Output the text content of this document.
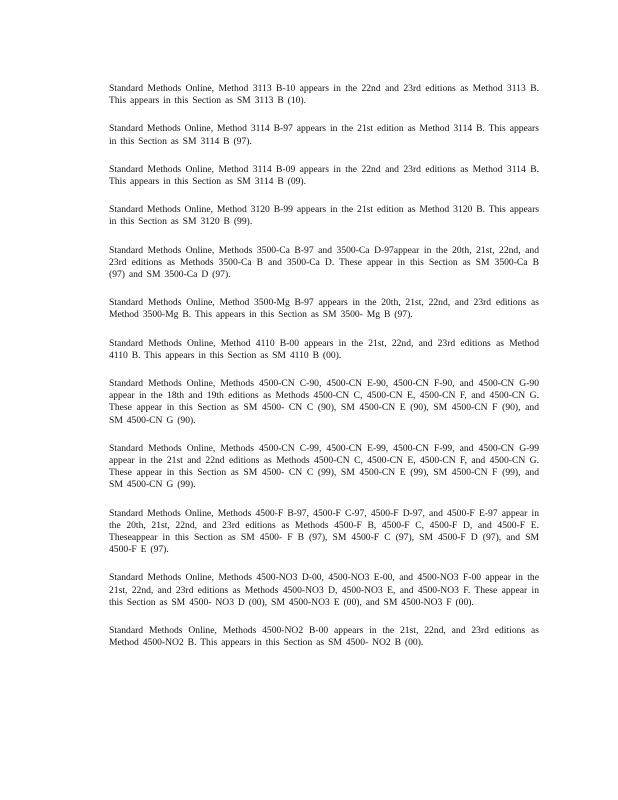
Standard Methods Online, Method 3113 B-10 appears in the 22nd and 23rd editions as Method 3113 B. This appears in this Section as SM 3113 B (10).

Standard Methods Online, Method 3114 B-97 appears in the 21st edition as Method 3114 B. This appears in this Section as SM 3114 B (97).

Standard Methods Online, Method 3114 B-09 appears in the 22nd and 23rd editions as Method 3114 B. This appears in this Section as SM 3114 B (09).

Standard Methods Online, Method 3120 B-99 appears in the 21st edition as Method 3120 B. This appears in this Section as SM 3120 B (99).

Standard Methods Online, Methods 3500-Ca B-97 and 3500-Ca D-97appear in the 20th, 21st, 22nd, and 23rd editions as Methods 3500-Ca B and 3500-Ca D. These appear in this Section as SM 3500-Ca B (97) and SM 3500-Ca D (97).

Standard Methods Online, Method 3500-Mg B-97 appears in the 20th, 21st, 22nd, and 23rd editions as Method 3500-Mg B. This appears in this Section as SM 3500- Mg B (97).

Standard Methods Online, Method 4110 B-00 appears in the 21st, 22nd, and 23rd editions as Method 4110 B. This appears in this Section as SM 4110 B (00).

Standard Methods Online, Methods 4500-CN C-90, 4500-CN E-90, 4500-CN F-90, and 4500-CN G-90 appear in the 18th and 19th editions as Methods 4500-CN C, 4500-CN E, 4500-CN F, and 4500-CN G. These appear in this Section as SM 4500- CN C (90), SM 4500-CN E (90), SM 4500-CN F (90), and SM 4500-CN G (90).

Standard Methods Online, Methods 4500-CN C-99, 4500-CN E-99, 4500-CN F-99, and 4500-CN G-99 appear in the 21st and 22nd editions as Methods 4500-CN C, 4500-CN E, 4500-CN F, and 4500-CN G. These appear in this Section as SM 4500- CN C (99), SM 4500-CN E (99), SM 4500-CN F (99), and SM 4500-CN G (99).

Standard Methods Online, Methods 4500-F B-97, 4500-F C-97, 4500-F D-97, and 4500-F E-97 appear in the 20th, 21st, 22nd, and 23rd editions as Methods 4500-F B, 4500-F C, 4500-F D, and 4500-F E. Theseappear in this Section as SM 4500- F B (97), SM 4500-F C (97), SM 4500-F D (97), and SM 4500-F E (97).

Standard Methods Online, Methods 4500-NO3 D-00, 4500-NO3 E-00, and 4500-NO3 F-00 appear in the 21st, 22nd, and 23rd editions as Methods 4500-NO3 D, 4500-NO3 E, and 4500-NO3 F. These appear in this Section as SM 4500- NO3 D (00), SM 4500-NO3 E (00), and SM 4500-NO3 F (00).

Standard Methods Online, Methods 4500-NO2 B-00 appears in the 21st, 22nd, and 23rd editions as Method 4500-NO2 B. This appears in this Section as SM 4500- NO2 B (00).
